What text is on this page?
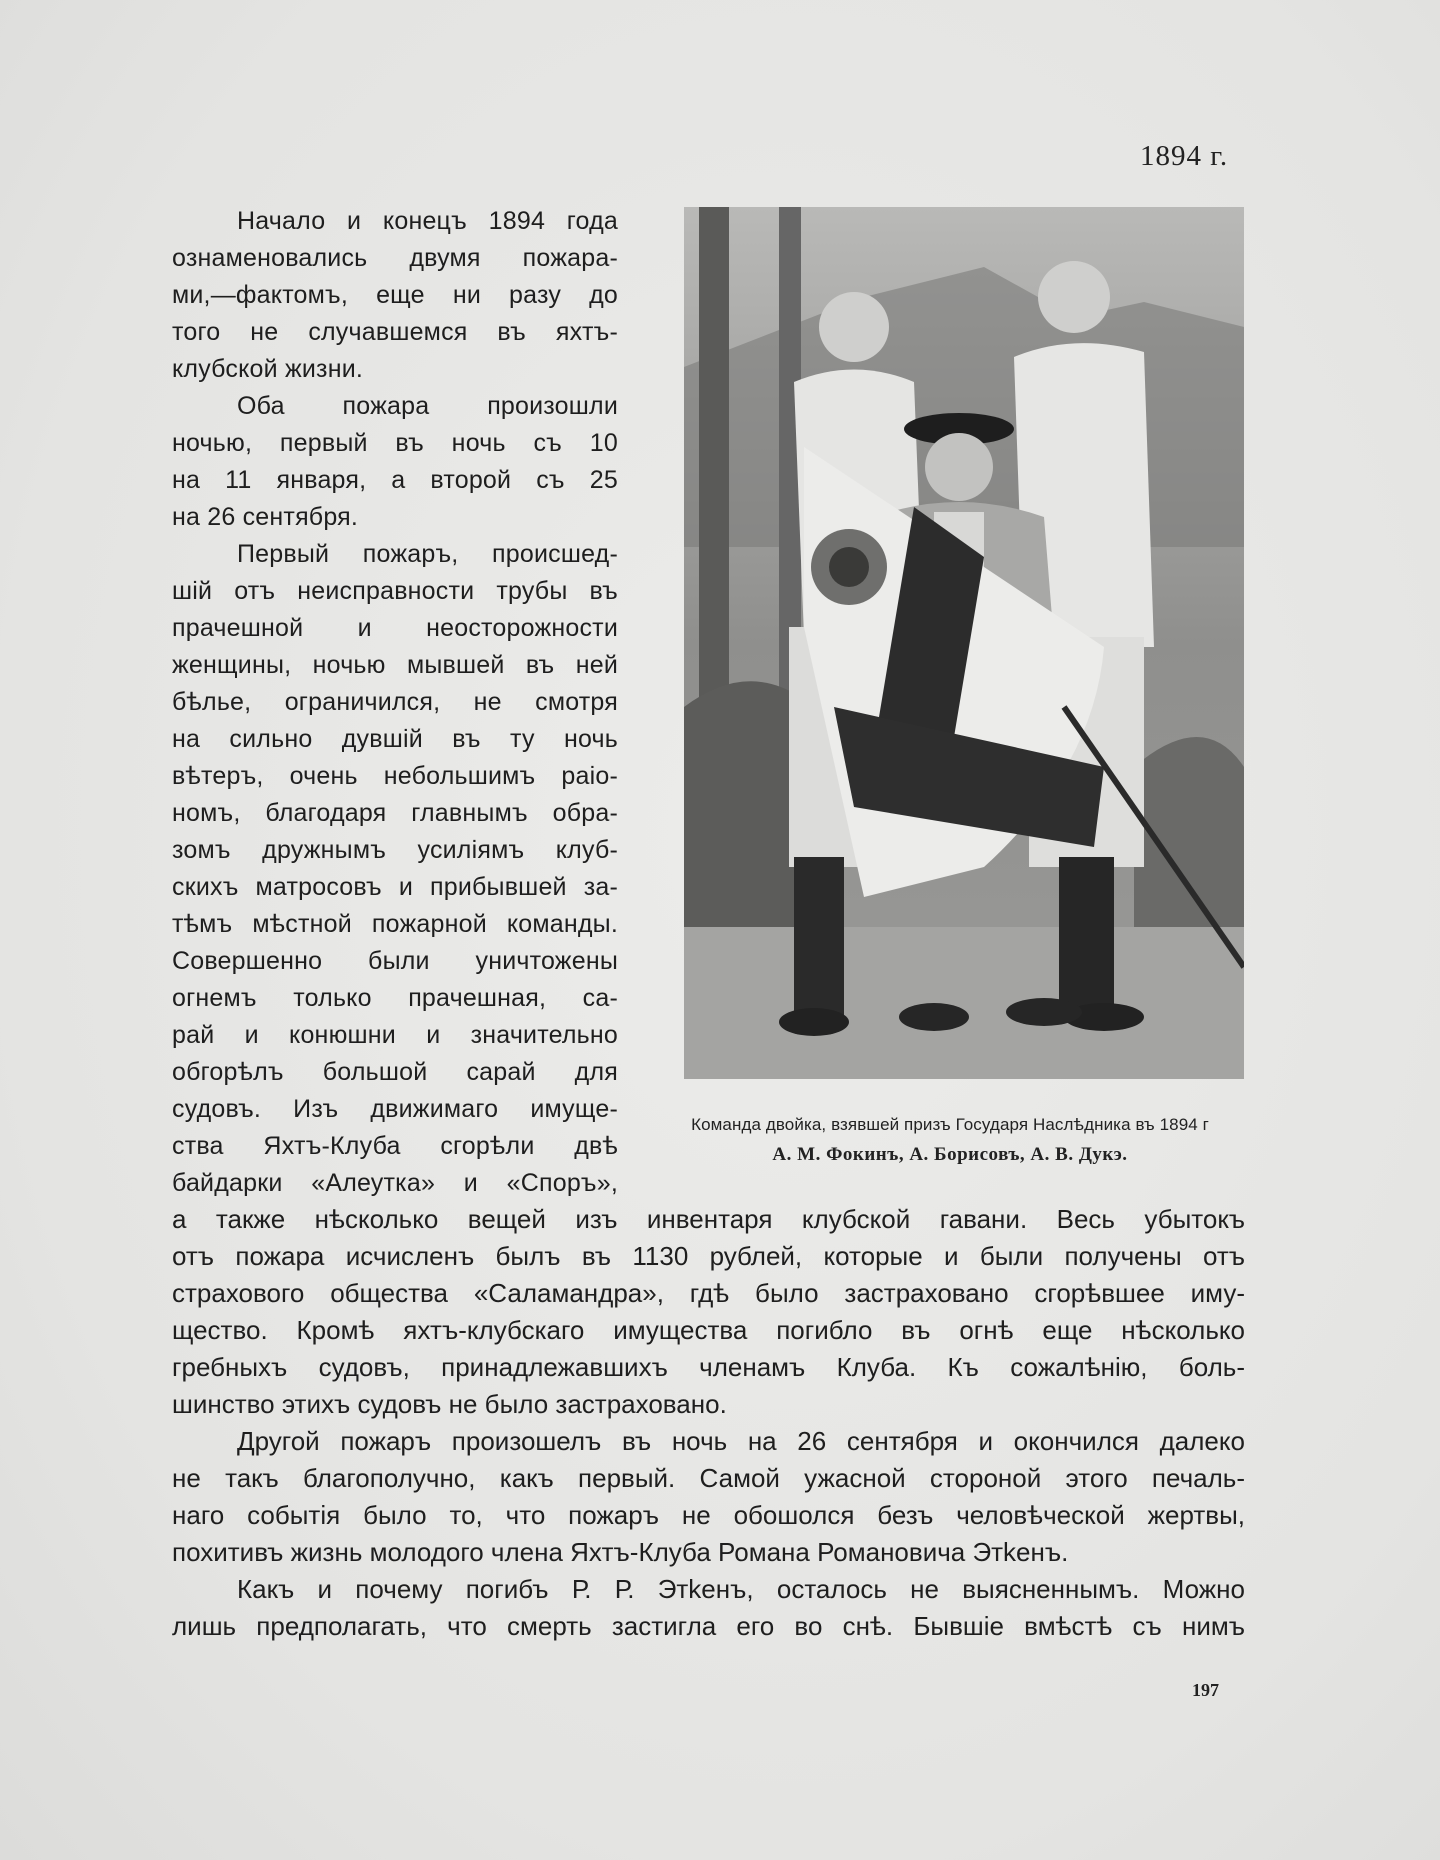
1894 г.
Начало и конецъ 1894 года
ознаменовались двумя пожара-
ми,—фактомъ, еще ни разу до
того не случавшемся въ яхтъ-
клубской жизни.
Оба пожара произошли
ночью, первый въ ночь съ 10
на 11 января, а второй съ 25
на 26 сентября.
Первый пожаръ, происшед-
шій отъ неисправности трубы въ
прачешной и неосторожности
женщины, ночью мывшей въ ней
бѣлье, ограничился, не смотря
на сильно дувшій въ ту ночь
вѣтеръ, очень небольшимъ раіо-
номъ, благодаря главнымъ обра-
зомъ дружнымъ усиліямъ клуб-
скихъ матросовъ и прибывшей за-
тѣмъ мѣстной пожарной команды.
Совершенно были уничтожены
огнемъ только прачешная, са-
рай и конюшни и значительно
обгорѣлъ большой сарай для
судовъ. Изъ движимаго имуще-
ства Яхтъ-Клуба сгорѣли двѣ
байдарки «Алеутка» и «Споръ»,
Команда двойка, взявшей призъ Государя Наслѣдника въ 1894 г
А. М. Фокинъ, А. Борисовъ, А. В. Дукэ.
а также нѣсколько вещей изъ инвентаря клубской гавани. Весь убытокъ
отъ пожара исчисленъ былъ въ 1130 рублей, которые и были получены отъ
страхового общества «Саламандра», гдѣ было застраховано сгорѣвшее иму-
щество. Кромѣ яхтъ-клубскаго имущества погибло въ огнѣ еще нѣсколько
гребныхъ судовъ, принадлежавшихъ членамъ Клуба. Къ сожалѣнію, боль-
шинство этихъ судовъ не было застраховано.
Другой пожаръ произошелъ въ ночь на 26 сентября и окончился далеко
не такъ благополучно, какъ первый. Самой ужасной стороной этого печаль-
наго событія было то, что пожаръ не обошолся безъ человѣческой жертвы,
похитивъ жизнь молодого члена Яхтъ-Клуба Романа Романовича Этkенъ.
Какъ и почему погибъ Р. Р. Этkенъ, осталось не выясненнымъ. Можно
лишь предполагать, что смерть застигла его во снѣ. Бывшіе вмѣстѣ съ нимъ
197
